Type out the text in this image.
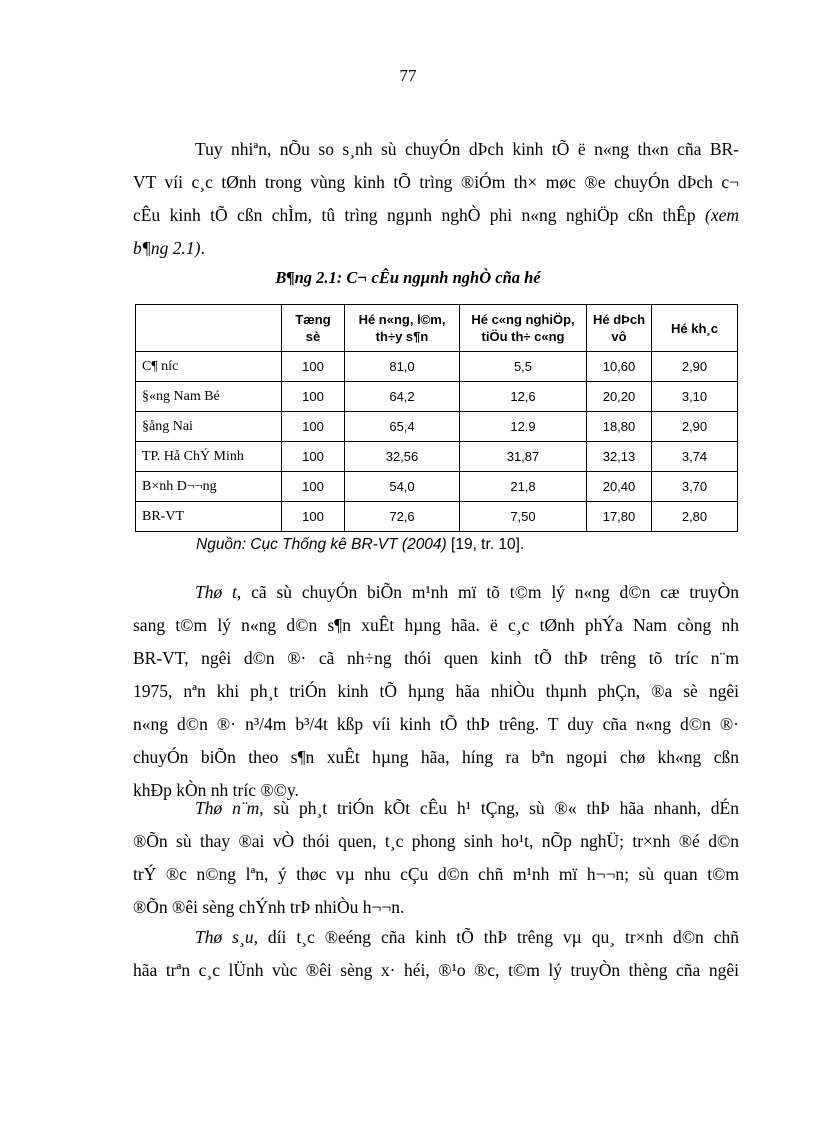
77
Tuy nhiªn, nÕu so s¸nh sù chuyÓn dÞch kinh tÕ ë n«ng th«n cña BR-
VT víi c¸c tØnh trong vùng kinh tÕ trìng ®iÓm th× møc ®e chuyÓn dÞch c¬
cÊu kinh tÕ cßn chÌm, tû trìng ngµnh nghÒ phi n«ng nghiÖp cßn thÊp (xem
b¶ng 2.1).
B¶ng 2.1: C¬ cÊu ngµnh nghÒ cña hé
	Tæng sè	Hé n«ng, l©m, th÷y s¶n	Hé c«ng nghiÖp, tiÖu th÷ c«ng	Hé dÞch vô	Hé kh¸c
C¶ níc	100	81,0	5,5	10,60	2,90
§«ng Nam Bé	100	64,2	12,6	20,20	3,10
§ång Nai	100	65,4	12.9	18,80	2,90
TP. Hå ChÝ Minh	100	32,56	31,87	32,13	3,74
B×nh D¬¬ng	100	54,0	21,8	20,40	3,70
BR-VT	100	72,6	7,50	17,80	2,80
Nguồn: Cục Thống kê BR-VT (2004) [19, tr. 10].
Thø t, cã sù chuyÓn biÕn m¹nh mï tõ t©m lý n«ng d©n cæ truyÒn
sang t©m lý n«ng d©n s¶n xuÊt hµng hãa. ë c¸c tØnh phÝa Nam còng nh
BR-VT, ngêi d©n ®· cã nh÷ng thói quen kinh tÕ thÞ trêng tõ tríc n¨m
1975, nªn khi ph¸t triÓn kinh tÕ hµng hãa nhiÒu thµnh phÇn, ®a sè ngêi
n«ng d©n ®· n³/4m b³/4t kßp víi kinh tÕ thÞ trêng. T duy cña n«ng d©n ®·
chuyÓn biÕn theo s¶n xuÊt hµng hãa, híng ra bªn ngoµi chø kh«ng cßn
khÐp kÒn nh tríc ®©y.
Thø n¨m, sù ph¸t triÓn kÕt cÊu h¹ tÇng, sù ®« thÞ hãa nhanh, dÉn
®Õn sù thay ®ai vÒ thói quen, t¸c phong sinh ho¹t, nÕp nghÜ; tr×nh ®é d©n
trÝ ®c n©ng lªn, ý thøc vµ nhu cÇu d©n chñ m¹nh mï h¬¬n; sù quan t©m
®Õn ®êi sèng chÝnh trÞ nhiÒu h¬¬n.
Thø s¸u, díi t¸c ®eéng cña kinh tÕ thÞ trêng vµ qu¸ tr×nh d©n chñ
hãa trªn c¸c lÜnh vùc ®êi sèng x· héi, ®¹o ®c, t©m lý truyÒn thèng cña ngêi
